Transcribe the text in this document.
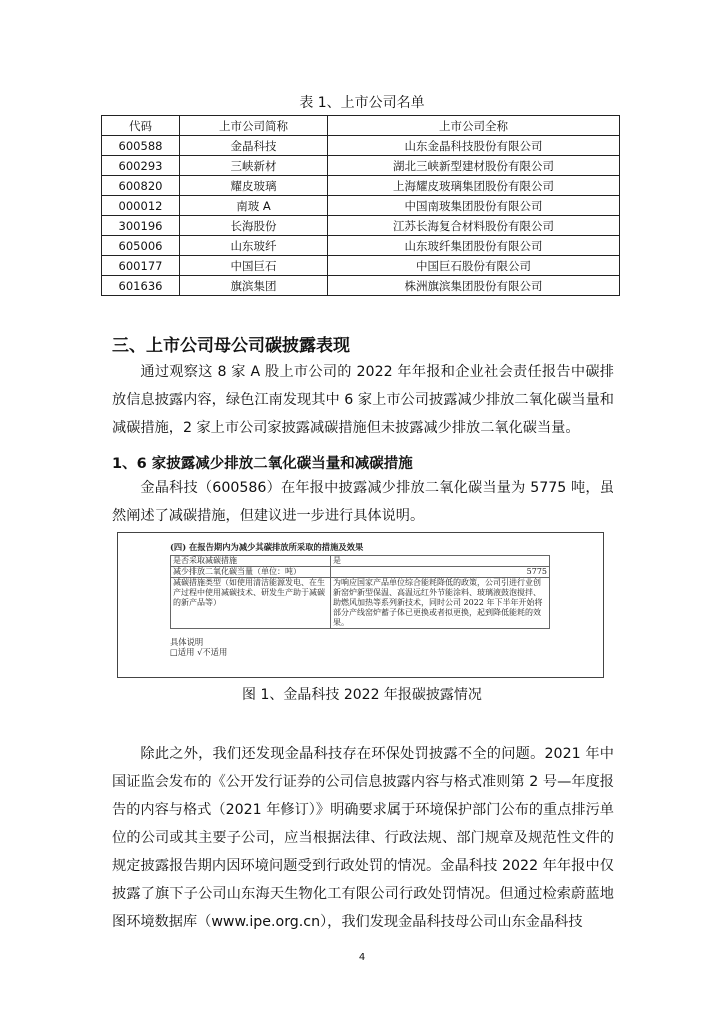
表 1、上市公司名单
代码	上市公司简称	上市公司全称
600588	金晶科技	山东金晶科技股份有限公司
600293	三峡新材	湖北三峡新型建材股份有限公司
600820	耀皮玻璃	上海耀皮玻璃集团股份有限公司
000012	南玻 A	中国南玻集团股份有限公司
300196	长海股份	江苏长海复合材料股份有限公司
605006	山东玻纤	山东玻纤集团股份有限公司
600177	中国巨石	中国巨石股份有限公司
601636	旗滨集团	株洲旗滨集团股份有限公司
三、上市公司母公司碳披露表现

通过观察这 8 家 A 股上市公司的 2022 年年报和企业社会责任报告中碳排放信息披露内容，绿色江南发现其中 6 家上市公司披露减少排放二氧化碳当量和减碳措施，2 家上市公司家披露减碳措施但未披露减少排放二氧化碳当量。

1、6 家披露减少排放二氧化碳当量和减碳措施

金晶科技（600586）在年报中披露减少排放二氧化碳当量为 5775 吨，虽然阐述了减碳措施，但建议进一步进行具体说明。

(四) 在报告期内为减少其碳排放所采取的措施及效果
是否采取减碳措施	是
减少排放二氧化碳当量（单位：吨）	5775
减碳措施类型（如使用清洁能源发电、在生产过程中使用减碳技术、研发生产助于减碳的新产品等）	为响应国家产品单位综合能耗降低的政策，公司引进行业创新窑炉新型保温、高温远红外节能涂料、玻璃液鼓泡搅拌、助燃风加热等系列新技术，同时公司 2022 年下半年开始将部分产线窑炉蓄子体已更换或者拟更换，起到降低能耗的效果。
具体说明
□适用 √不适用
图 1、金晶科技 2022 年报碳披露情况

除此之外，我们还发现金晶科技存在环保处罚披露不全的问题。2021 年中国证监会发布的《公开发行证券的公司信息披露内容与格式准则第 2 号—年度报告的内容与格式（2021 年修订）》明确要求属于环境保护部门公布的重点排污单位的公司或其主要子公司，应当根据法律、行政法规、部门规章及规范性文件的规定披露报告期内因环境问题受到行政处罚的情况。金晶科技 2022 年年报中仅披露了旗下子公司山东海天生物化工有限公司行政处罚情况。但通过检索蔚蓝地图环境数据库（www.ipe.org.cn），我们发现金晶科技母公司山东金晶科技

4
